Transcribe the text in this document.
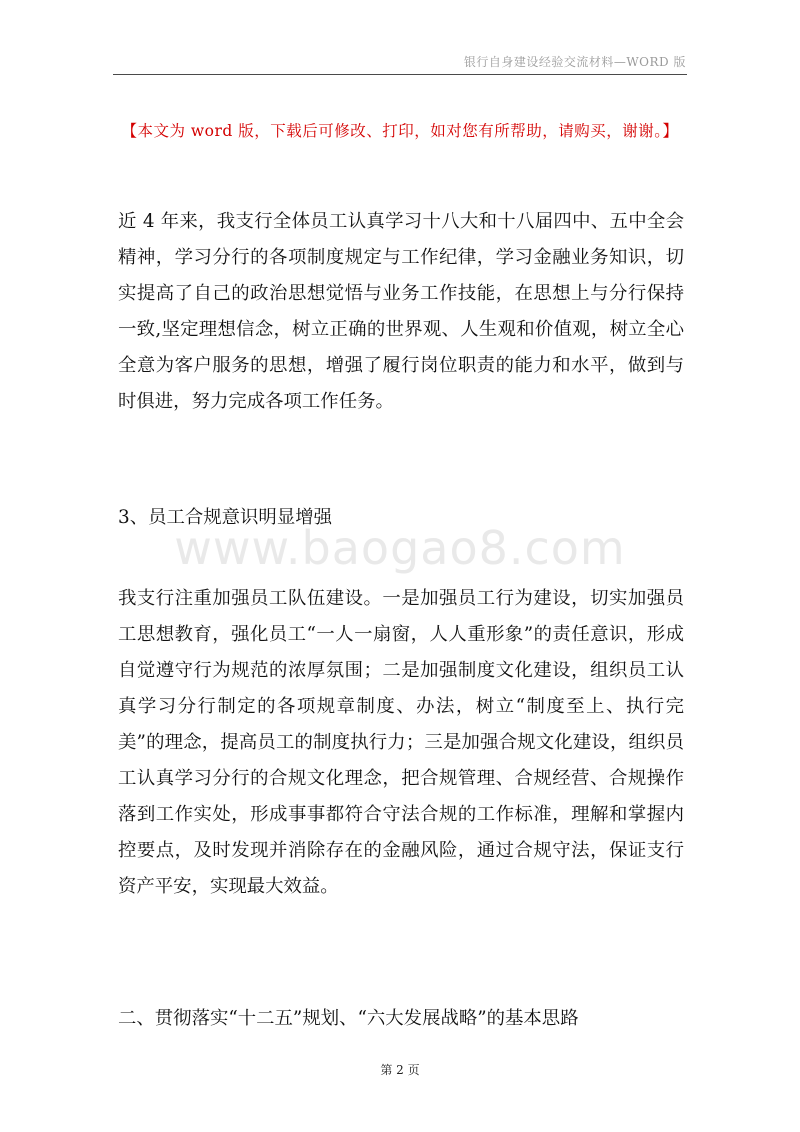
银行自身建设经验交流材料—WORD 版
【本文为 word 版，下载后可修改、打印，如对您有所帮助，请购买，谢谢。】

近 4 年来，我支行全体员工认真学习十八大和十八届四中、五中全会精神，学习分行的各项制度规定与工作纪律，学习金融业务知识，切实提高了自己的政治思想觉悟与业务工作技能，在思想上与分行保持一致,坚定理想信念，树立正确的世界观、人生观和价值观，树立全心全意为客户服务的思想，增强了履行岗位职责的能力和水平，做到与时俱进，努力完成各项工作任务。

3、员工合规意识明显增强

www.baogao8.com

我支行注重加强员工队伍建设。一是加强员工行为建设，切实加强员工思想教育，强化员工“一人一扇窗，人人重形象”的责任意识，形成自觉遵守行为规范的浓厚氛围；二是加强制度文化建设，组织员工认真学习分行制定的各项规章制度、办法，树立“制度至上、执行完美”的理念，提高员工的制度执行力；三是加强合规文化建设，组织员工认真学习分行的合规文化理念，把合规管理、合规经营、合规操作落到工作实处，形成事事都符合守法合规的工作标准，理解和掌握内控要点，及时发现并消除存在的金融风险，通过合规守法，保证支行资产平安，实现最大效益。

二、贯彻落实“十二五”规划、“六大发展战略”的基本思路

第 2 页
